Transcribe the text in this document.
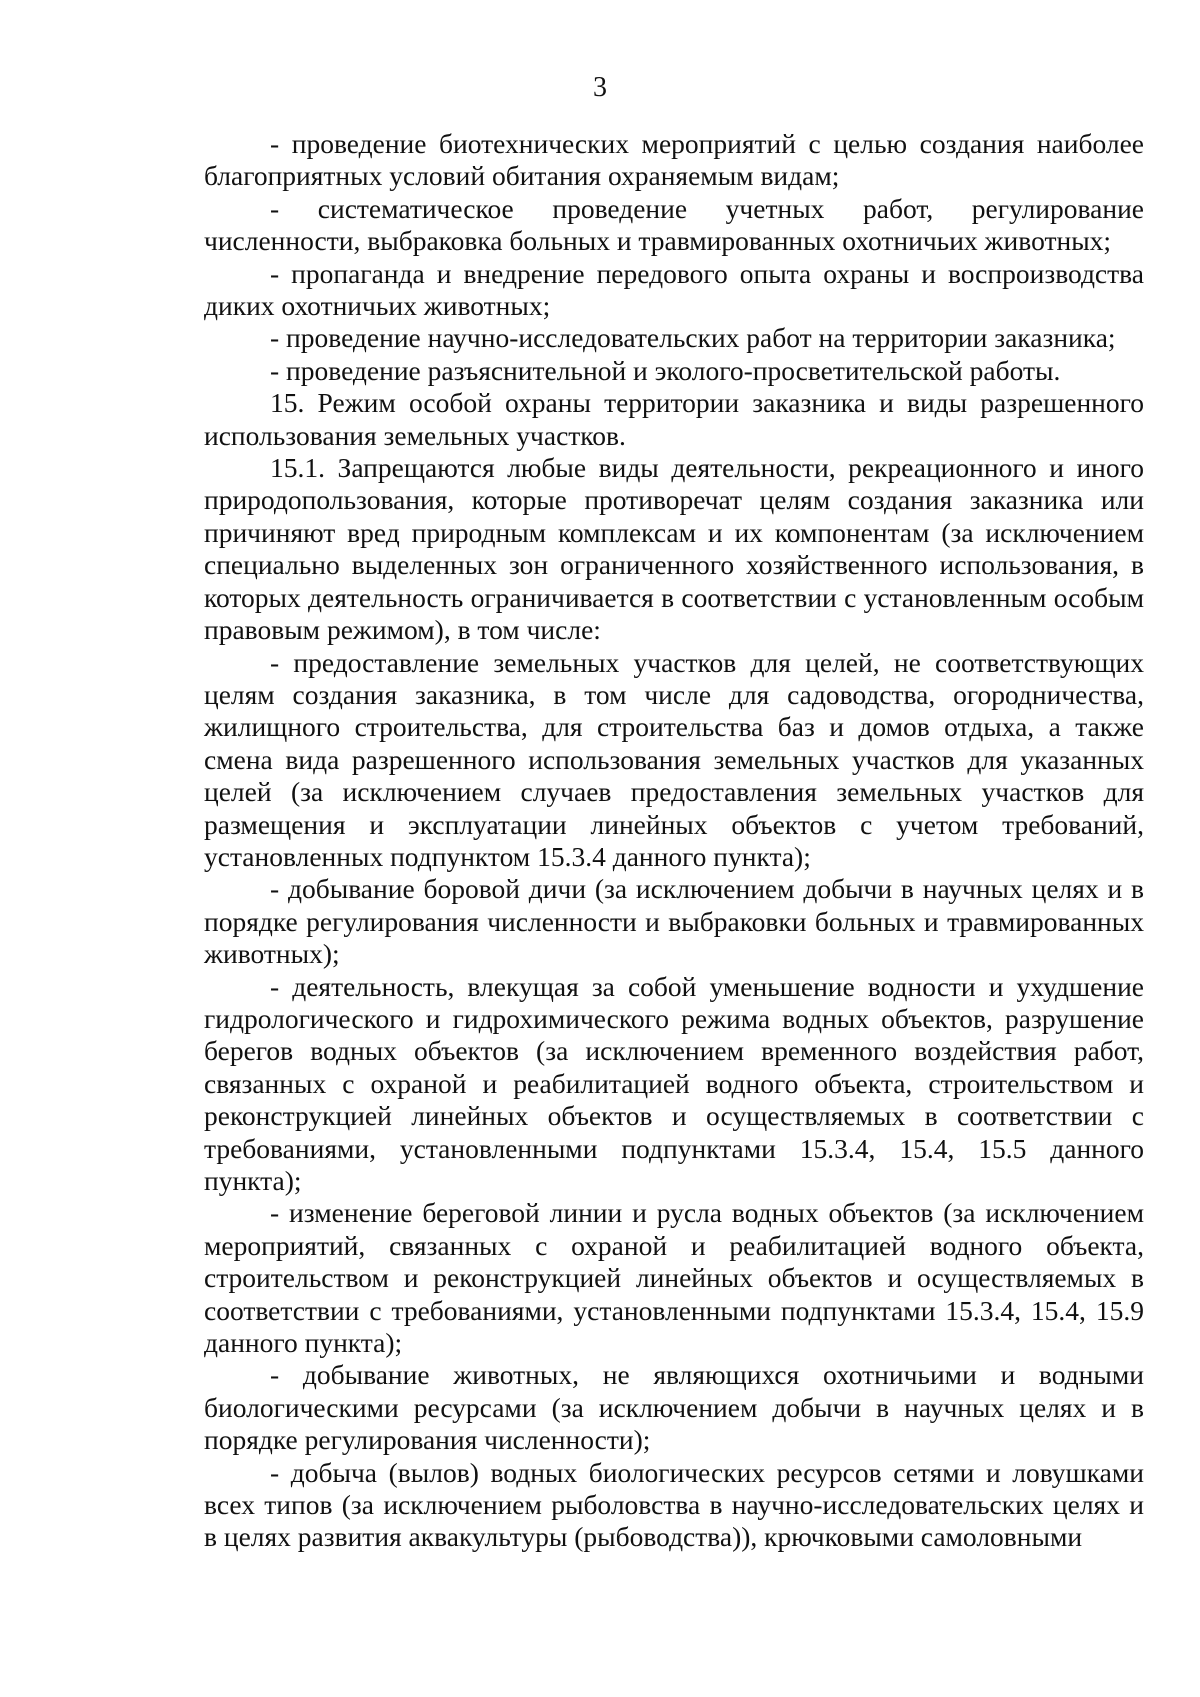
3

- проведение биотехнических мероприятий с целью создания наиболее благоприятных условий обитания охраняемым видам;

- систематическое проведение учетных работ, регулирование численности, выбраковка больных и травмированных охотничьих животных;

- пропаганда и внедрение передового опыта охраны и воспроизводства диких охотничьих животных;

- проведение научно-исследовательских работ на территории заказника;

- проведение разъяснительной и эколого-просветительской работы.

15. Режим особой охраны территории заказника и виды разрешенного использования земельных участков.

15.1. Запрещаются любые виды деятельности, рекреационного и иного природопользования, которые противоречат целям создания заказника или причиняют вред природным комплексам и их компонентам (за исключением специально выделенных зон ограниченного хозяйственного использования, в которых деятельность ограничивается в соответствии с установленным особым правовым режимом), в том числе:

- предоставление земельных участков для целей, не соответствующих целям создания заказника, в том числе для садоводства, огородничества, жилищного строительства, для строительства баз и домов отдыха, а также смена вида разрешенного использования земельных участков для указанных целей (за исключением случаев предоставления земельных участков для размещения и эксплуатации линейных объектов с учетом требований, установленных подпунктом 15.3.4 данного пункта);

- добывание боровой дичи (за исключением добычи в научных целях и в порядке регулирования численности и выбраковки больных и травмированных животных);

- деятельность, влекущая за собой уменьшение водности и ухудшение гидрологического и гидрохимического режима водных объектов, разрушение берегов водных объектов (за исключением временного воздействия работ, связанных с охраной и реабилитацией водного объекта, строительством и реконструкцией линейных объектов и осуществляемых в соответствии с требованиями, установленными подпунктами 15.3.4, 15.4, 15.5 данного пункта);

- изменение береговой линии и русла водных объектов (за исключением мероприятий, связанных с охраной и реабилитацией водного объекта, строительством и реконструкцией линейных объектов и осуществляемых в соответствии с требованиями, установленными подпунктами 15.3.4, 15.4, 15.9 данного пункта);

- добывание животных, не являющихся охотничьими и водными биологическими ресурсами (за исключением добычи в научных целях и в порядке регулирования численности);

- добыча (вылов) водных биологических ресурсов сетями и ловушками всех типов (за исключением рыболовства в научно-исследовательских целях и в целях развития аквакультуры (рыбоводства)), крючковыми самоловными
